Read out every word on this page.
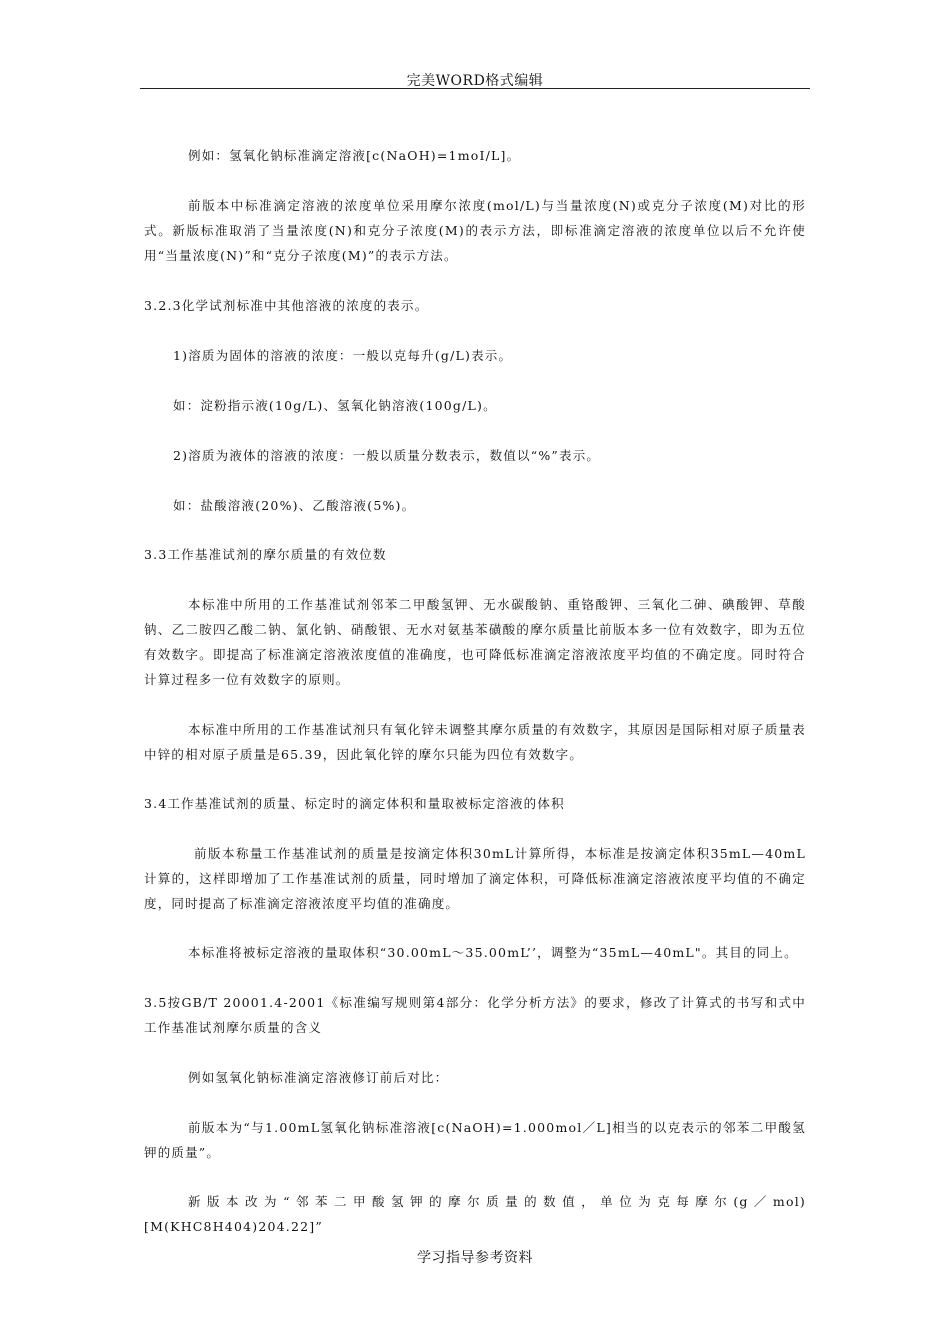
完美WORD格式编辑
例如：氢氧化钠标准滴定溶液[c(NaOH)=1moI/L]。
前版本中标准滴定溶液的浓度单位采用摩尔浓度(mol/L)与当量浓度(N)或克分子浓度(M)对比的形式。新版标准取消了当量浓度(N)和克分子浓度(M)的表示方法，即标准滴定溶液的浓度单位以后不允许使用“当量浓度(N)”和“克分子浓度(M)”的表示方法。
3.2.3化学试剂标准中其他溶液的浓度的表示。
1)溶质为固体的溶液的浓度：一般以克每升(g/L)表示。
如：淀粉指示液(10g/L)、氢氧化钠溶液(100g/L)。
2)溶质为液体的溶液的浓度：一般以质量分数表示，数值以“%”表示。
如：盐酸溶液(20%)、乙酸溶液(5%)。
3.3工作基准试剂的摩尔质量的有效位数
本标准中所用的工作基准试剂邻苯二甲酸氢钾、无水碳酸钠、重铬酸钾、三氧化二砷、碘酸钾、草酸钠、乙二胺四乙酸二钠、氯化钠、硝酸银、无水对氨基苯磺酸的摩尔质量比前版本多一位有效数字，即为五位有效数字。即提高了标准滴定溶液浓度值的准确度，也可降低标准滴定溶液浓度平均值的不确定度。同时符合计算过程多一位有效数字的原则。
本标准中所用的工作基准试剂只有氧化锌未调整其摩尔质量的有效数字，其原因是国际相对原子质量表中锌的相对原子质量是65.39，因此氧化锌的摩尔只能为四位有效数字。
3.4工作基准试剂的质量、标定时的滴定体积和量取被标定溶液的体积
前版本称量工作基准试剂的质量是按滴定体积30mL计算所得，本标准是按滴定体积35mL—40mL计算的，这样即增加了工作基准试剂的质量，同时增加了滴定体积，可降低标准滴定溶液浓度平均值的不确定度，同时提高了标准滴定溶液浓度平均值的准确度。
本标准将被标定溶液的量取体积“30.00mL～35.00mL’’，调整为“35mL—40mL"。其目的同上。
3.5按GB/T 20001.4-2001《标准编写规则第4部分：化学分析方法》的要求，修改了计算式的书写和式中工作基准试剂摩尔质量的含义
例如氢氧化钠标准滴定溶液修订前后对比：
前版本为“与1.00mL氢氧化钠标准溶液[c(NaOH)=1.000mol／L]相当的以克表示的邻苯二甲酸氢钾的质量”。
新版本改为“邻苯二甲酸氢钾的摩尔质量的数值，单位为克每摩尔(g／mol)[M(KHC8H404)204.22]”
学习指导参考资料
